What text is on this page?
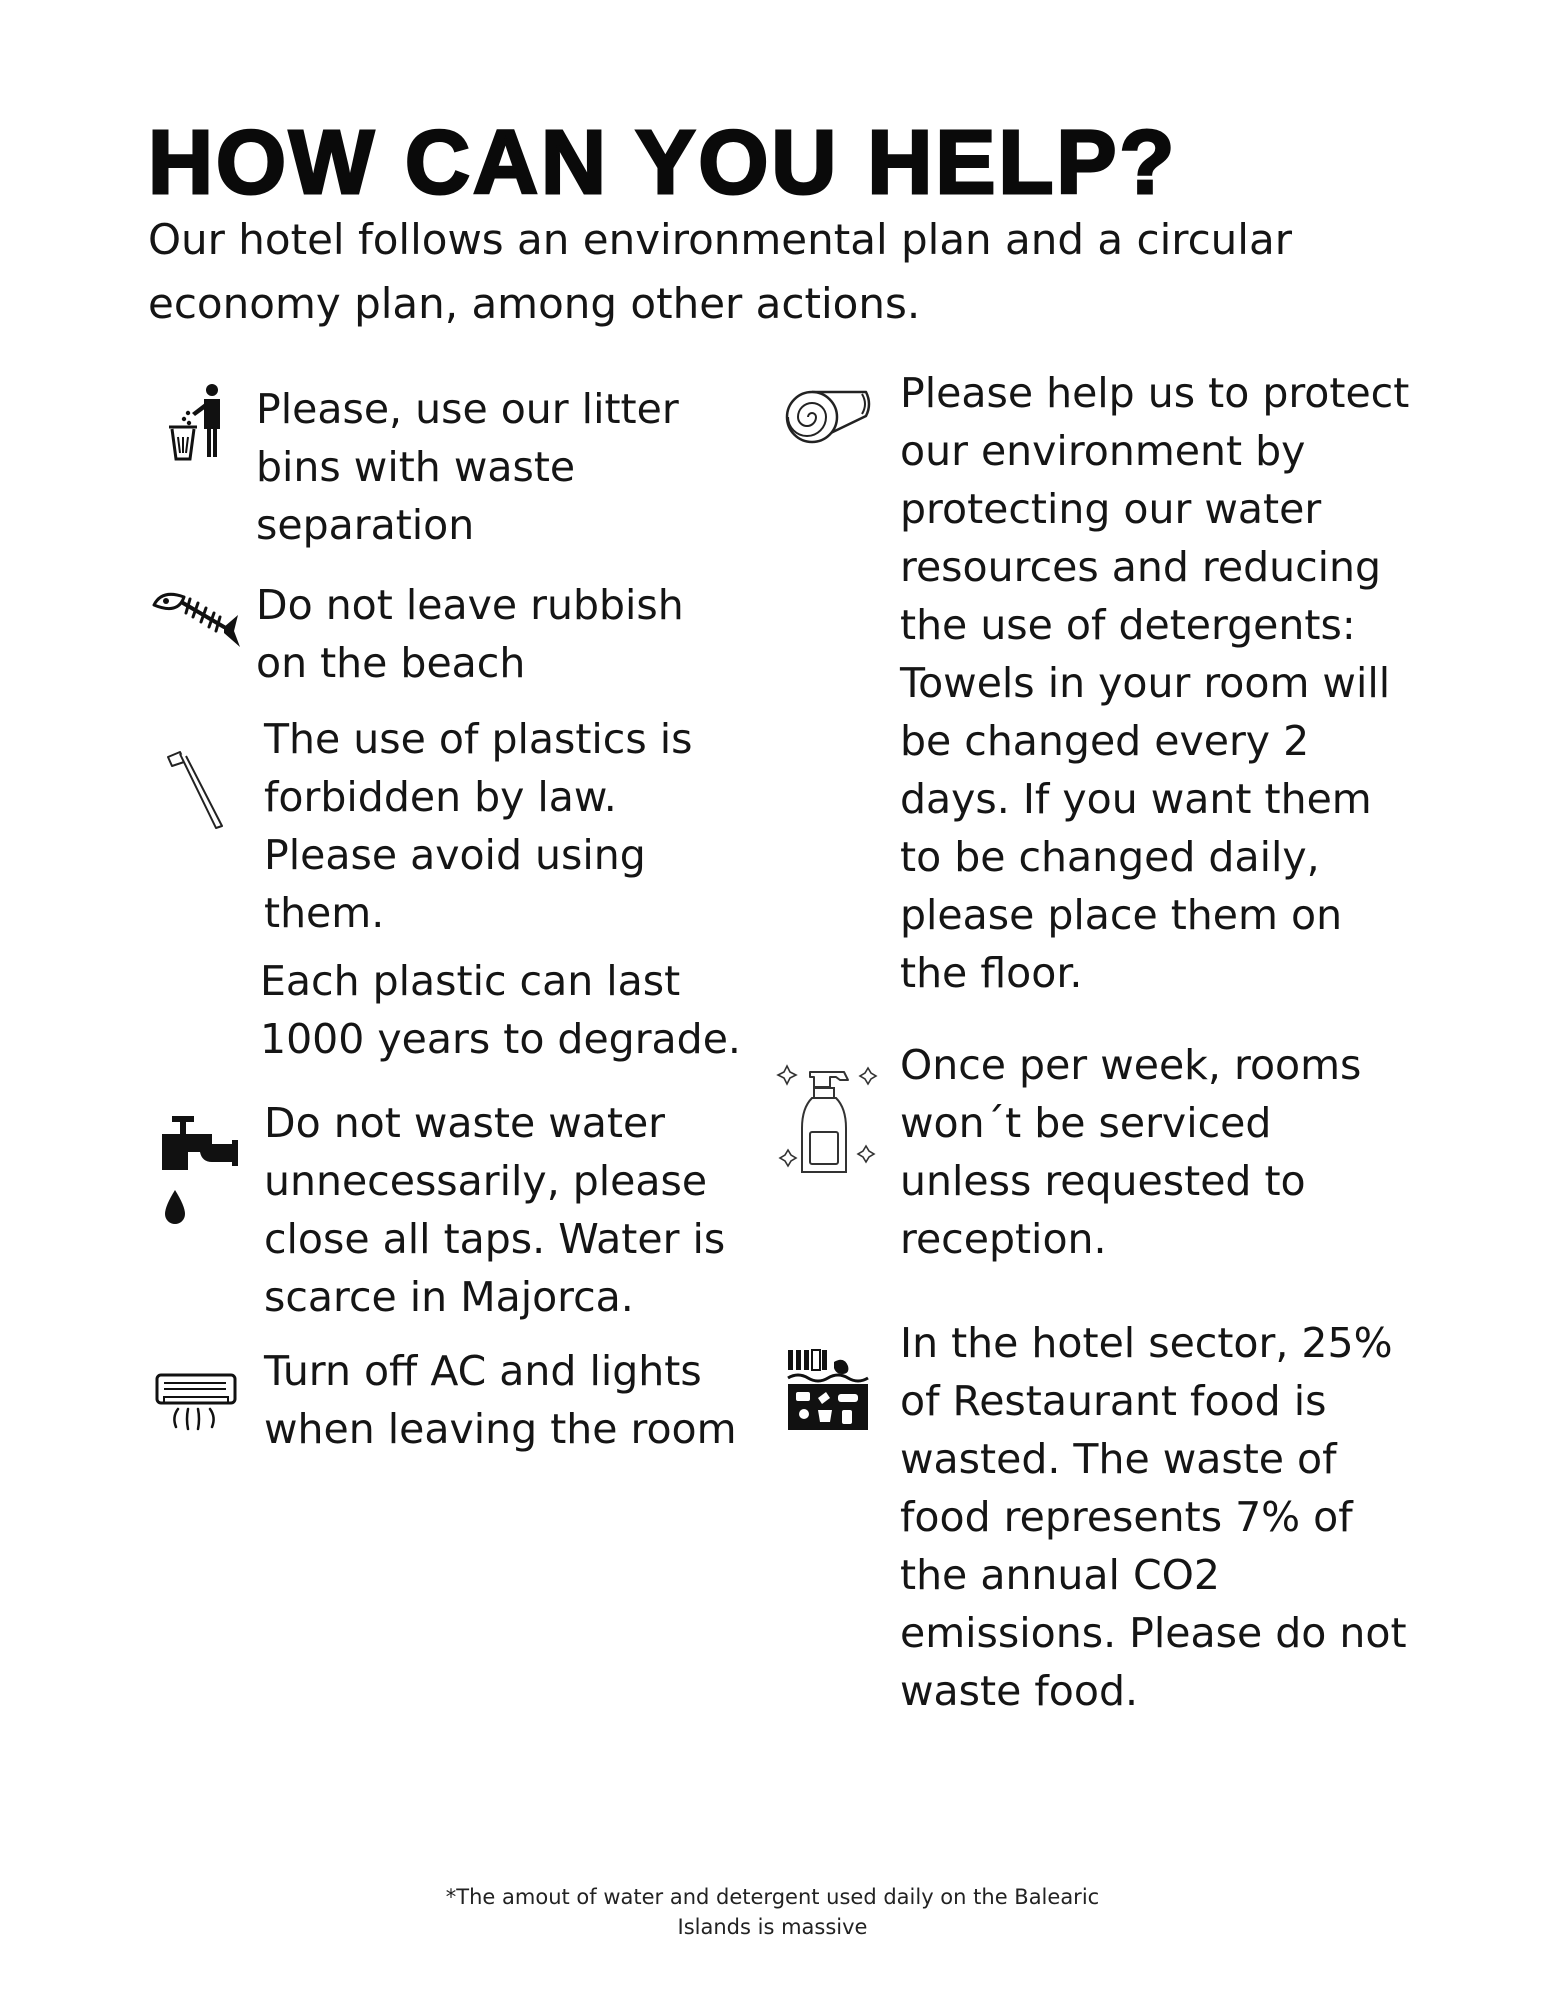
HOW CAN YOU HELP?

Our hotel follows an environmental plan and a circular economy plan, among other actions.

Please, use our litter bins with waste separation

Do not leave rubbish on the beach

The use of plastics is forbidden by law. Please avoid using them.

Each plastic can last 1000 years to degrade.

Do not waste water unnecessarily, please close all taps. Water is scarce in Majorca.

Turn off AC and lights when leaving the room

Please help us to protect our environment by protecting our water resources and reducing the use of detergents: Towels in your room will be changed every 2 days. If you want them to be changed daily, please place them on the floor.

Once per week, rooms won´t be serviced unless requested to reception.

In the hotel sector, 25% of Restaurant food is wasted. The waste of food represents 7% of the annual CO2 emissions. Please do not waste food.

*The amout of water and detergent used daily on the Balearic Islands is massive
